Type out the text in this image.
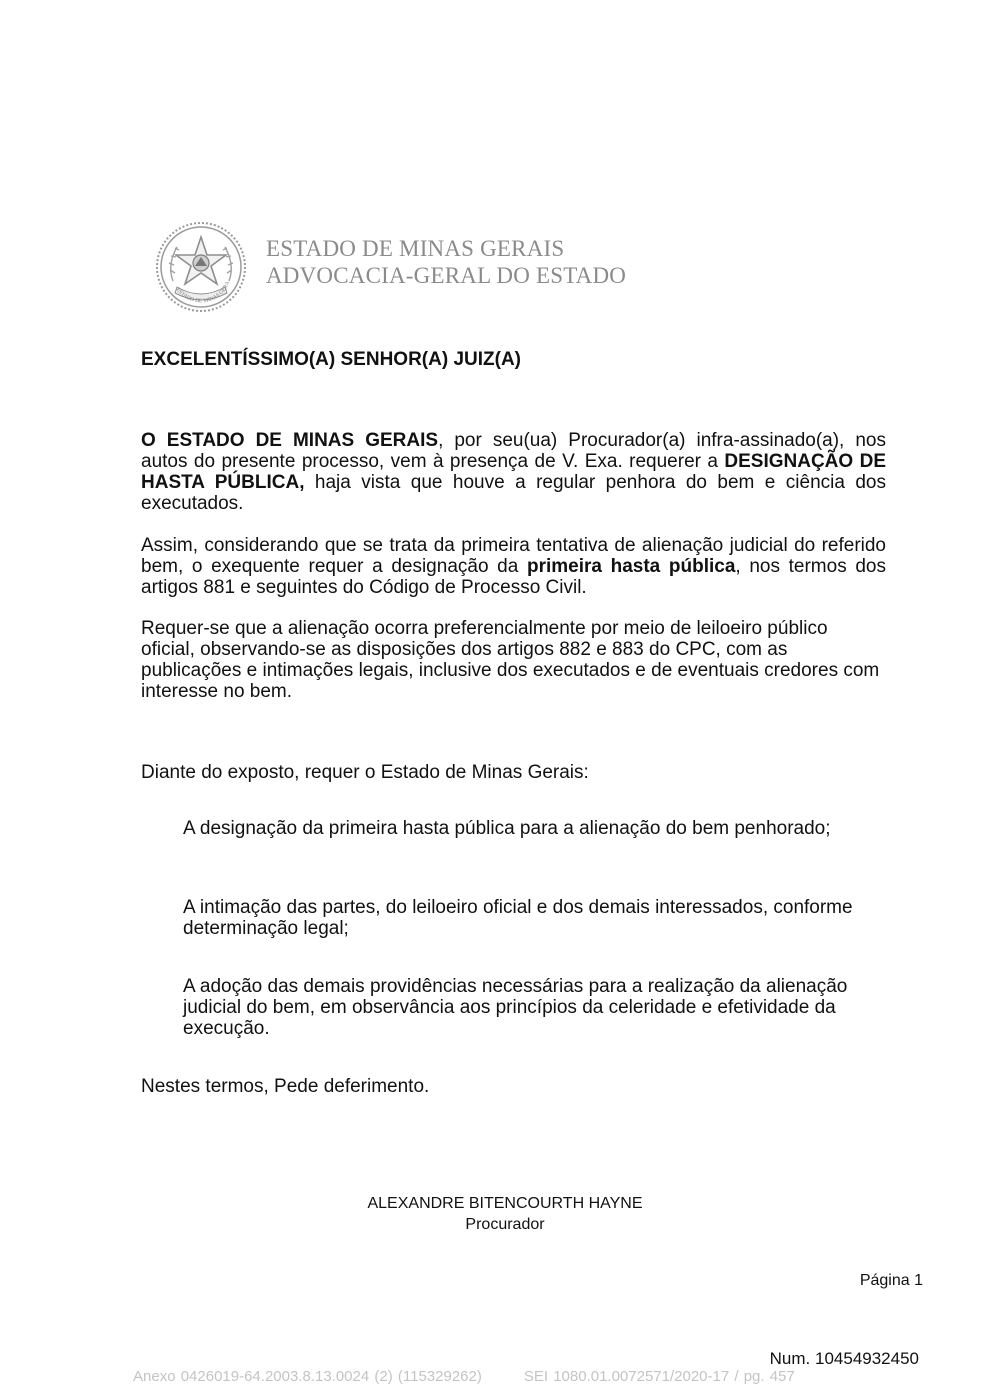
ESTADO DE MINAS GERA
ESTADO DE MINAS GERAIS
ADVOCACIA-GERAL DO ESTADO
EXCELENTÍSSIMO(A) SENHOR(A) JUIZ(A)

O ESTADO DE MINAS GERAIS, por seu(ua) Procurador(a) infra-assinado(a), nos autos do presente processo, vem à presença de V. Exa. requerer a DESIGNAÇÃO DE HASTA PÚBLICA, haja vista que houve a regular penhora do bem e ciência dos executados.

Assim, considerando que se trata da primeira tentativa de alienação judicial do referido bem, o exequente requer a designação da primeira hasta pública, nos termos dos artigos 881 e seguintes do Código de Processo Civil.

Requer-se que a alienação ocorra preferencialmente por meio de leiloeiro público oficial, observando-se as disposições dos artigos 882 e 883 do CPC, com as publicações e intimações legais, inclusive dos executados e de eventuais credores com interesse no bem.

Diante do exposto, requer o Estado de Minas Gerais:

A designação da primeira hasta pública para a alienação do bem penhorado;

A intimação das partes, do leiloeiro oficial e dos demais interessados, conforme determinação legal;

A adoção das demais providências necessárias para a realização da alienação judicial do bem, em observância aos princípios da celeridade e efetividade da execução.

Nestes termos, Pede deferimento.
ALEXANDRE BITENCOURTH HAYNE
Procurador
Página 1
Num. 10454932450
Anexo 0426019-64.2003.8.13.0024 (2) (115329262)	SEI 1080.01.0072571/2020-17 / pg. 457
